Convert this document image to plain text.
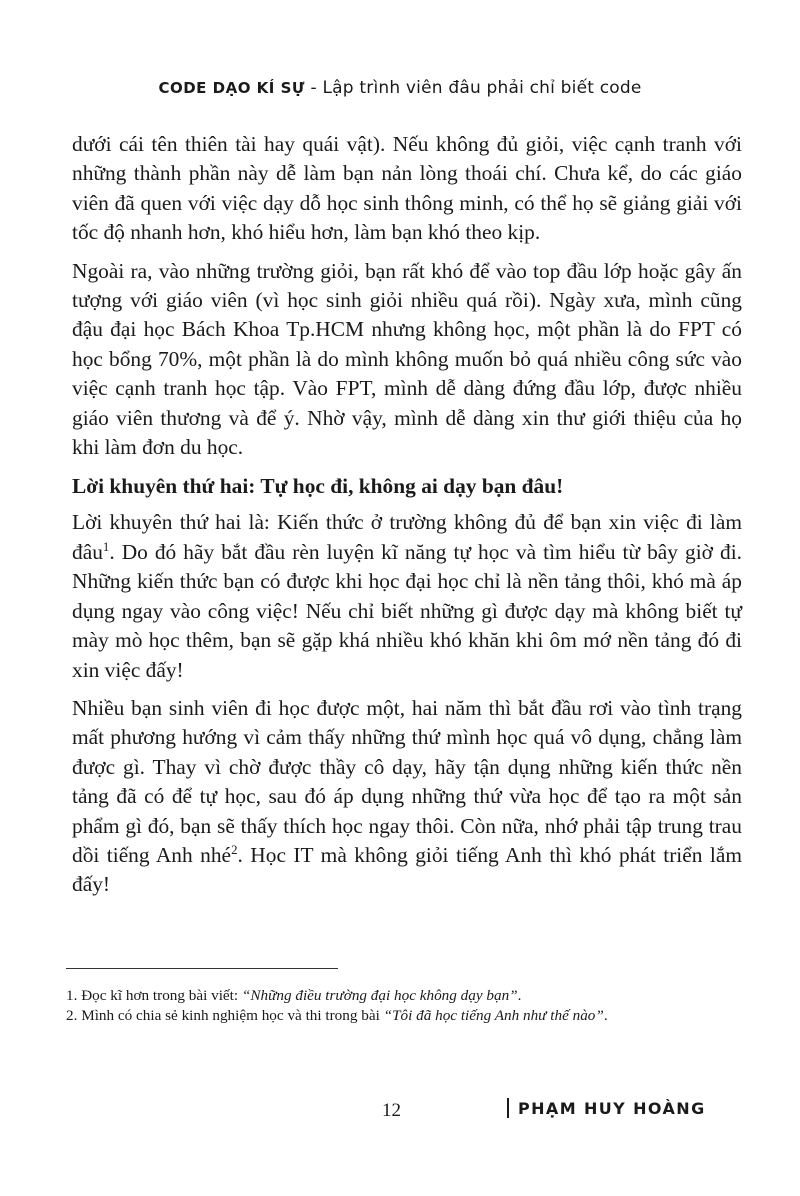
CODE DẠO KÍ SỰ - Lập trình viên đâu phải chỉ biết code

dưới cái tên thiên tài hay quái vật). Nếu không đủ giỏi, việc cạnh tranh với những thành phần này dễ làm bạn nản lòng thoái chí. Chưa kể, do các giáo viên đã quen với việc dạy dỗ học sinh thông minh, có thể họ sẽ giảng giải với tốc độ nhanh hơn, khó hiểu hơn, làm bạn khó theo kịp.

Ngoài ra, vào những trường giỏi, bạn rất khó để vào top đầu lớp hoặc gây ấn tượng với giáo viên (vì học sinh giỏi nhiều quá rồi). Ngày xưa, mình cũng đậu đại học Bách Khoa Tp.HCM nhưng không học, một phần là do FPT có học bổng 70%, một phần là do mình không muốn bỏ quá nhiều công sức vào việc cạnh tranh học tập. Vào FPT, mình dễ dàng đứng đầu lớp, được nhiều giáo viên thương và để ý. Nhờ vậy, mình dễ dàng xin thư giới thiệu của họ khi làm đơn du học.

Lời khuyên thứ hai: Tự học đi, không ai dạy bạn đâu!

Lời khuyên thứ hai là: Kiến thức ở trường không đủ để bạn xin việc đi làm đâu$^1$. Do đó hãy bắt đầu rèn luyện kĩ năng tự học và tìm hiểu từ bây giờ đi. Những kiến thức bạn có được khi học đại học chỉ là nền tảng thôi, khó mà áp dụng ngay vào công việc! Nếu chỉ biết những gì được dạy mà không biết tự mày mò học thêm, bạn sẽ gặp khá nhiều khó khăn khi ôm mớ nền tảng đó đi xin việc đấy!

Nhiều bạn sinh viên đi học được một, hai năm thì bắt đầu rơi vào tình trạng mất phương hướng vì cảm thấy những thứ mình học quá vô dụng, chẳng làm được gì. Thay vì chờ được thầy cô dạy, hãy tận dụng những kiến thức nền tảng đã có để tự học, sau đó áp dụng những thứ vừa học để tạo ra một sản phẩm gì đó, bạn sẽ thấy thích học ngay thôi. Còn nữa, nhớ phải tập trung trau dồi tiếng Anh nhé$^2$. Học IT mà không giỏi tiếng Anh thì khó phát triển lắm đấy!

1. Đọc kĩ hơn trong bài viết: “Những điều trường đại học không dạy bạn”.

2. Mình có chia sẻ kinh nghiệm học và thi trong bài “Tôi đã học tiếng Anh như thế nào”.

12	PHẠM HUY HOÀNG
